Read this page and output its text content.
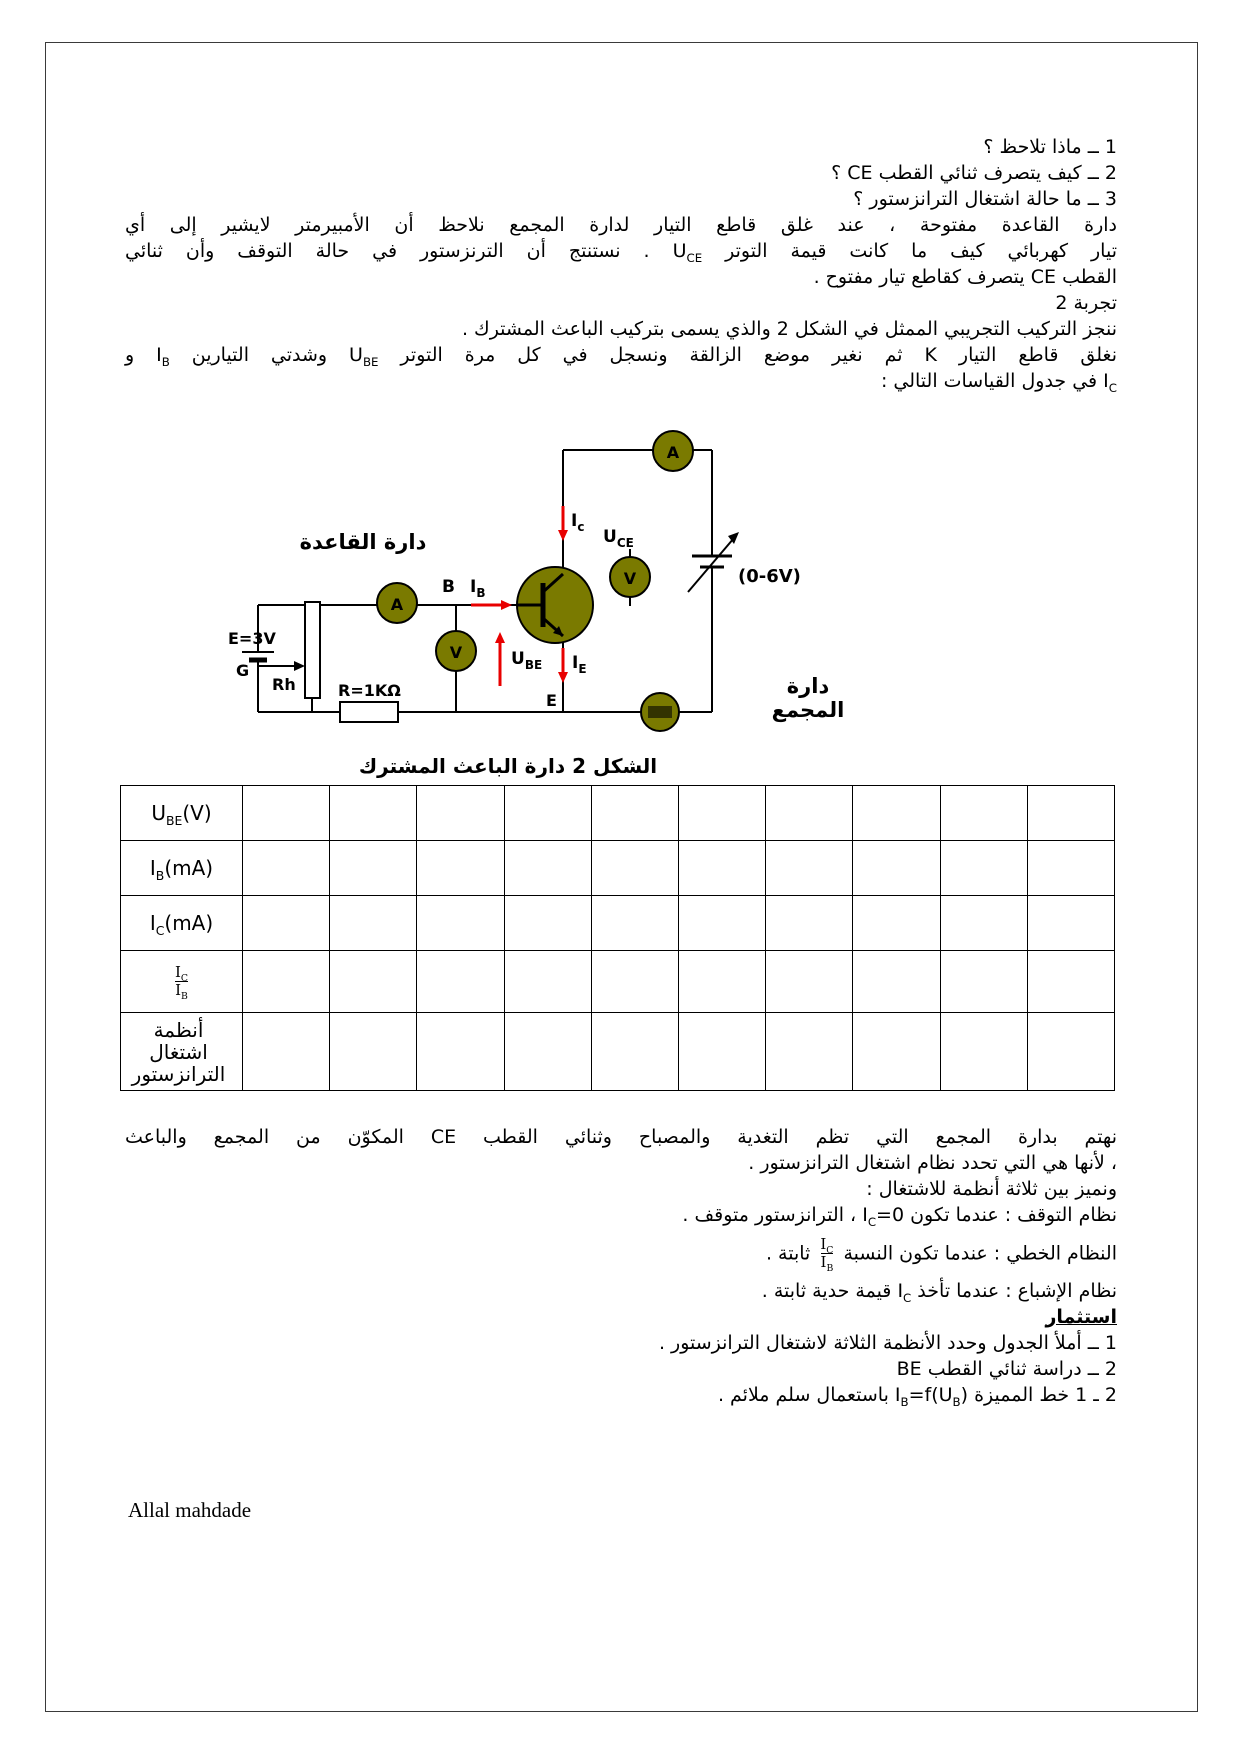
1 ــ ماذا تلاحظ ؟
2 ــ كيف يتصرف ثنائي القطب CE ؟
3 ــ ما حالة اشتغال الترانزستور ؟
دارة القاعدة مفتوحة ، عند غلق قاطع التيار لدارة المجمع نلاحظ أن الأمبيرمتر لايشير إلى أي
تيار كهربائي كيف ما كانت قيمة التوتر $U_{CE}$ . نستنتج أن الترنزستور في حالة التوقف وأن ثنائي
القطب CE يتصرف كقاطع تيار مفتوح .
تجربة 2
ننجز التركيب التجريبي الممثل في الشكل 2 والذي يسمى بتركيب الباعث المشترك .
نغلق قاطع التيار K ثم نغير موضع الزالقة ونسجل في كل مرة التوتر $U_{BE}$ وشدتي التيارين $I_B$ و
$I_C$ في جدول القياسات التالي :
A
A
V
V
$I_c$ $U_{CE}$
B $I_B$
$U_{BE}$ $I_E$
E
E=3V
G
Rh	R=1KΩ
(0-6V)
دارة القاعدة
دارة المجمع
الشكل 2 دارة الباعث المشترك
$U_{BE}(V)$										
$I_B(mA)$										
$I_C(mA)$										

$\frac{I_C}{I_B}$

أنظمة
اشتغال
الترانزستور										

نهتم بدارة المجمع التي تظم التغدية والمصباح وثنائي القطب CE المكوّن من المجمع والباعث
، لأنها هي التي تحدد نظام اشتغال الترانزستور .
ونميز بين ثلاثة أنظمة للاشتغال :
نظام التوقف : عندما تكون $I_C=0$ ، الترانزستور متوقف .
النظام الخطي : عندما تكون النسبة
$\frac{I_C}{I_B}$
ثابتة .
نظام الإشباع : عندما تأخذ $I_C$ قيمة حدية ثابتة .
استثمار
1 ــ أملأ الجدول وحدد الأنظمة الثلاثة لاشتغال الترانزستور .
2 ــ دراسة ثنائي القطب BE
2 ـ 1 خط المميزة $I_B=f(U_B)$ باستعمال سلم ملائم .
Allal mahdade
